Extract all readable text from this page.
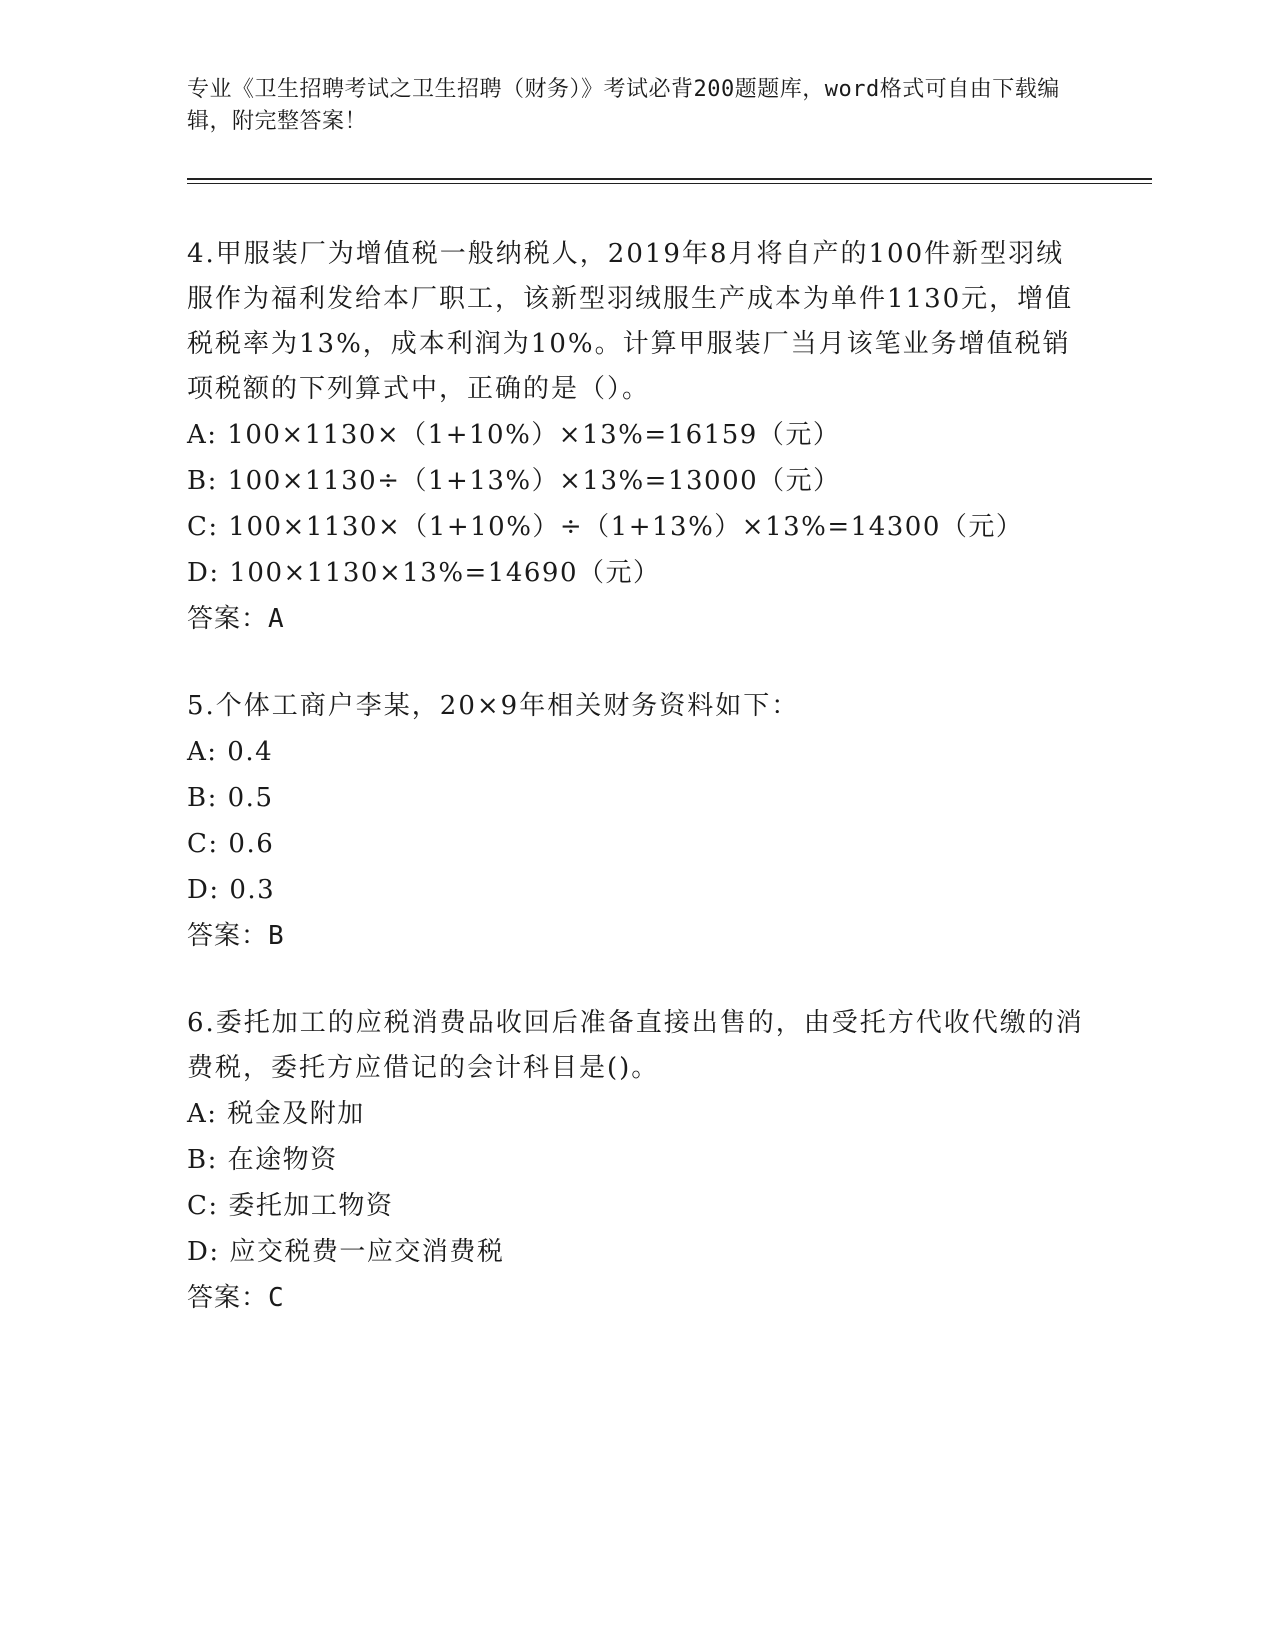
专业《卫生招聘考试之卫生招聘（财务）》考试必背200题题库，word格式可自由下载编辑，附完整答案！
4.甲服装厂为增值税一般纳税人，2019年8月将自产的100件新型羽绒服作为福利发给本厂职工，该新型羽绒服生产成本为单件1130元，增值税税率为13%，成本利润为10%。计算甲服装厂当月该笔业务增值税销项税额的下列算式中，正确的是（）。
A: 100×1130×（1+10%）×13%=16159（元）
B: 100×1130÷（1+13%）×13%=13000（元）
C: 100×1130×（1+10%）÷（1+13%）×13%=14300（元）
D: 100×1130×13%=14690（元）
答案：A
5.个体工商户李某，20×9年相关财务资料如下：
A: 0.4
B: 0.5
C: 0.6
D: 0.3
答案：B
6.委托加工的应税消费品收回后准备直接出售的，由受托方代收代缴的消费税，委托方应借记的会计科目是()。
A: 税金及附加
B: 在途物资
C: 委托加工物资
D: 应交税费一应交消费税
答案：C
